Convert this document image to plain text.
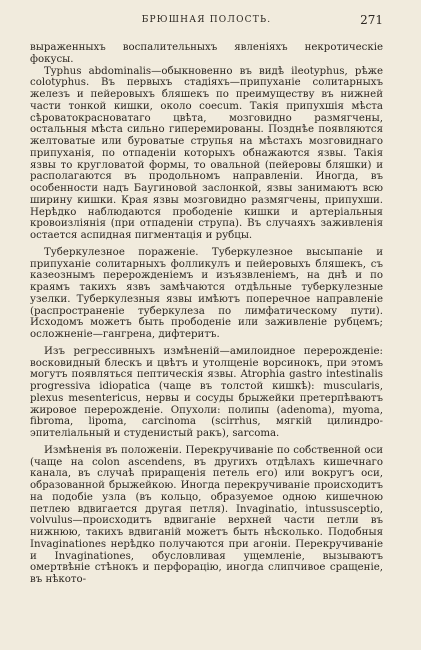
БРЮШНАЯ ПОЛОСТЬ.	271

выраженныхъ воспалительныхъ явленіяхъ некротическіе фокусы.

Typhus abdominalis—обыкновенно въ видѣ ileotyphus, рѣже colotyphus. Въ первыхъ стадіяхъ—припуханіе солитарныхъ железъ и пейеровыхъ бляшекъ по преимуществу въ нижней части тонкой кишки, около coecum. Такія припухшія мѣста сѣроватокрасноватаго цвѣта, мозговидно размягчены, остальныя мѣста сильно гиперемированы. Позднѣе появляются желтоватые или буроватые струпья на мѣстахъ мозговиднаго припуханія, по отпаденіи которыхъ обнажаются язвы. Такія язвы то кругловатой формы, то овальной (пейеровы бляшки) и располагаются въ продольномъ направленіи. Иногда, въ особенности надъ Баугиновой заслонкой, язвы занимаютъ всю ширину кишки. Края язвы мозговидно размягчены, припухши. Нерѣдко наблюдаются прободеніе кишки и артеріальныя кровоизліянія (при отпаденіи струпа). Въ случаяхъ заживленія остается аспидная пигментація и рубцы.

Туберкулезное пораженіе. Туберкулезное высыпаніе и припуханіе солитарныхъ фолликулъ и пейеровыхъ бляшекъ, съ казеознымъ перерожденіемъ и изъязвленіемъ, на днѣ и по краямъ такихъ язвъ замѣчаются отдѣльные туберкулезные узелки. Туберкулезныя язвы имѣютъ поперечное направленіе (распространеніе туберкулеза по лимфатическому пути). Исходомъ можетъ быть прободеніе или заживленіе рубцемъ; осложненіе—гангрена, дифтеритъ.

Изъ регрессивныхъ измѣненій—амилоидное перерожденіе: восковидный блескъ и цвѣтъ и утолщеніе ворсинокъ, при этомъ могутъ появляться пептическія язвы. Atrophia gastro intestinalis progressiva idiopatica (чаще въ толстой кишкѣ): muscularis, plexus mesentericus, нервы и сосуды брыжейки претерпѣваютъ жировое перерожденіе. Опухоли: полипы (adenoma), myoma, fibroma, lipoma, carcinoma (scirrhus, мягкій цилиндро-эпителіальный и студенистый ракъ), sarcoma.

Измѣненія въ положеніи. Перекручиваніе по собственной оси (чаще на colon ascendens, въ другихъ отдѣлахъ кишечнаго канала, въ случаѣ приращенія петель его) или вокругъ оси, образованной брыжейкою. Иногда перекручиваніе происходитъ на подобіе узла (въ кольцо, образуемое одною кишечною петлею вдвигается другая петля). Invaginatio, intussusceptio, volvulus—происходитъ вдвиганіе верхней части петли въ нижнюю, такихъ вдвиганій можетъ быть нѣсколько. Подобныя Invaginationes нерѣдко получаются при агоніи. Перекручиваніе и Invaginationes, обусловливая ущемленіе, вызываютъ омертвѣніе стѣнокъ и перфорацію, иногда слипчивое сращеніе, въ нѣкото-
